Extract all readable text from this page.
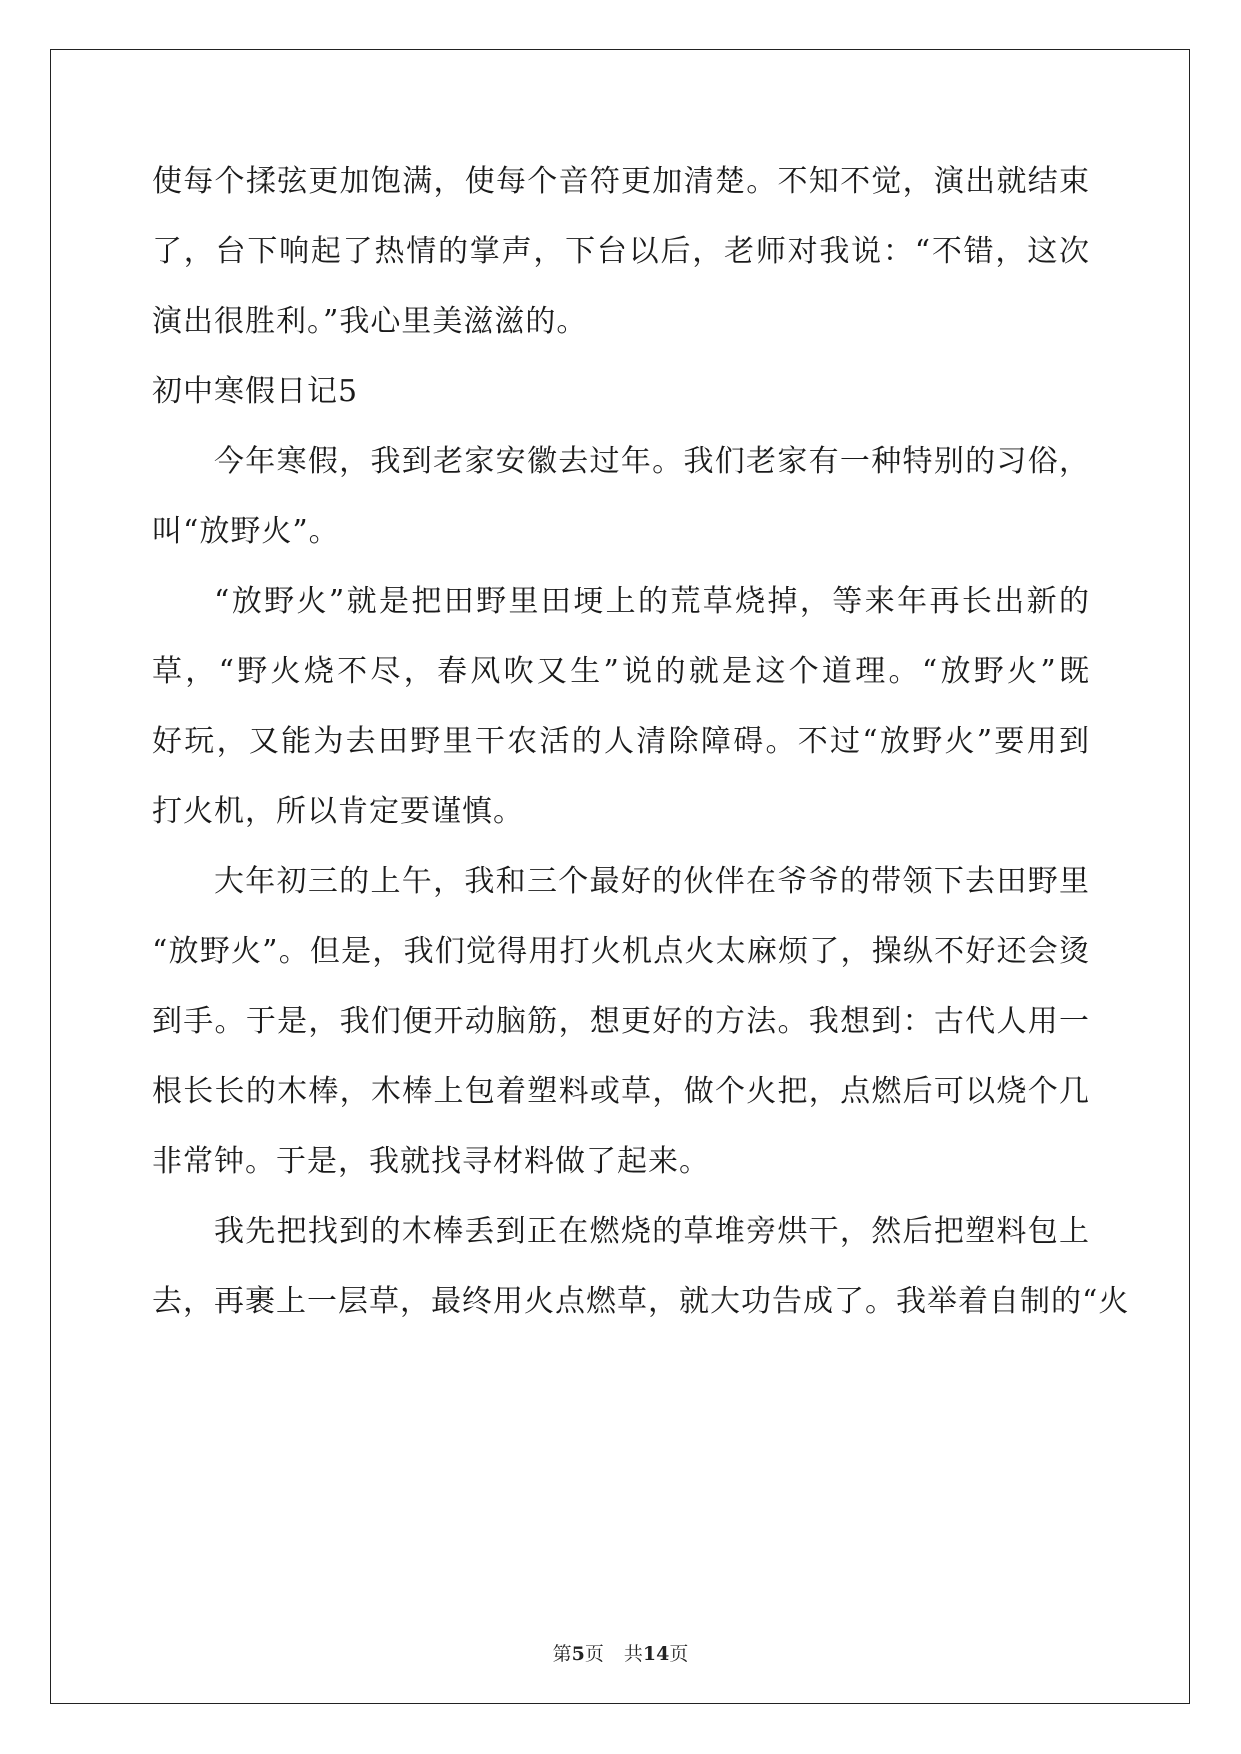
使每个揉弦更加饱满，使每个音符更加清楚。不知不觉，演出就结束
了，台下响起了热情的掌声，下台以后，老师对我说：“不错，这次
演出很胜利。”我心里美滋滋的。
初中寒假日记5
今年寒假，我到老家安徽去过年。我们老家有一种特别的习俗，
叫“放野火”。
“放野火”就是把田野里田埂上的荒草烧掉，等来年再长出新的
草，“野火烧不尽，春风吹又生”说的就是这个道理。“放野火”既
好玩，又能为去田野里干农活的人清除障碍。不过“放野火”要用到
打火机，所以肯定要谨慎。
大年初三的上午，我和三个最好的伙伴在爷爷的带领下去田野里
“放野火”。但是，我们觉得用打火机点火太麻烦了，操纵不好还会烫
到手。于是，我们便开动脑筋，想更好的方法。我想到：古代人用一
根长长的木棒，木棒上包着塑料或草，做个火把，点燃后可以烧个几
非常钟。于是，我就找寻材料做了起来。
我先把找到的木棒丢到正在燃烧的草堆旁烘干，然后把塑料包上
去，再裹上一层草，最终用火点燃草，就大功告成了。我举着自制的“火
第5页 共14页
